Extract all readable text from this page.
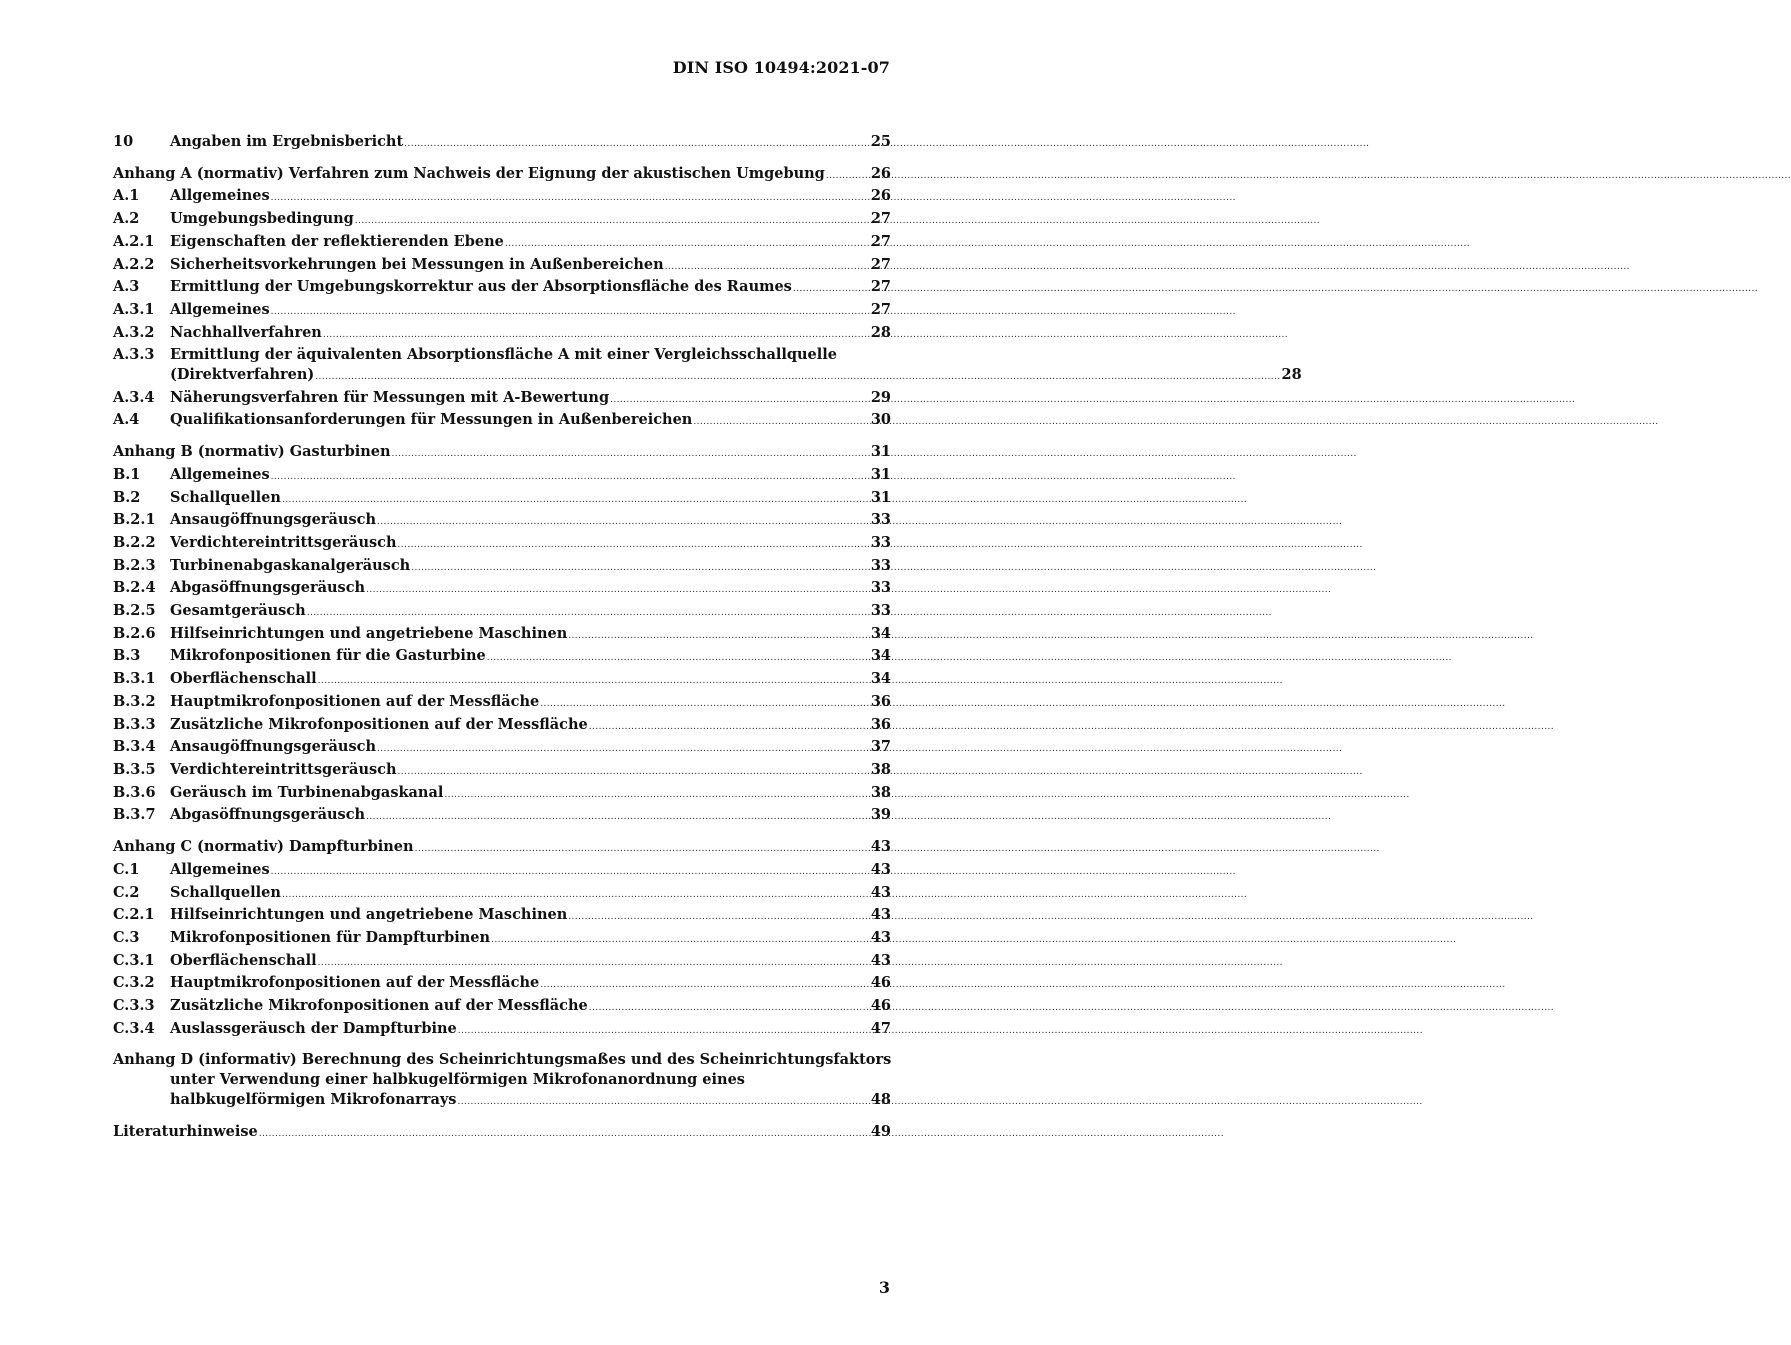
DIN ISO 10494:2021-07
10	Angaben im Ergebnisbericht .....	25
Anhang A (normativ) Verfahren zum Nachweis der Eignung der akustischen Umgebung .....	26
A.1	Allgemeines .....	26
A.2	Umgebungsbedingung .....	27
A.2.1	Eigenschaften der reflektierenden Ebene .....	27
A.2.2	Sicherheitsvorkehrungen bei Messungen in Außenbereichen .....	27
A.3	Ermittlung der Umgebungskorrektur aus der Absorptionsfläche des Raumes .....	27
A.3.1	Allgemeines .....	27
A.3.2	Nachhallverfahren .....	28
A.3.3	Ermittlung der äquivalenten Absorptionsfläche A mit einer Vergleichsschallquelle
(Direktverfahren) .....	28
A.3.4	Näherungsverfahren für Messungen mit A-Bewertung .....	29
A.4	Qualifikationsanforderungen für Messungen in Außenbereichen .....	30
Anhang B (normativ) Gasturbinen .....	31
B.1	Allgemeines .....	31
B.2	Schallquellen .....	31
B.2.1 Ansaugöffnungsgeräusch .....	33
B.2.2 Verdichtereintrittsgeräusch .....	33
B.2.3 Turbinenabgaskanalgeräusch .....	33
B.2.4 Abgasöffnungsgeräusch .....	33
B.2.5 Gesamtgeräusch .....	33
B.2.6 Hilfseinrichtungen und angetriebene Maschinen .....	34
B.3	Mikrofonpositionen für die Gasturbine .....	34
B.3.1 Oberflächenschall .....	34
B.3.2 Hauptmikrofonpositionen auf der Messfläche .....	36
B.3.3 Zusätzliche Mikrofonpositionen auf der Messfläche .....	36
B.3.4 Ansaugöffnungsgeräusch .....	37
B.3.5 Verdichtereintrittsgeräusch .....	38
B.3.6 Geräusch im Turbinenabgaskanal .....	38
B.3.7 Abgasöffnungsgeräusch .....	39
Anhang C (normativ) Dampfturbinen .....	43
C.1	Allgemeines .....	43
C.2	Schallquellen .....	43
C.2.1	Hilfseinrichtungen und angetriebene Maschinen .....	43
C.3	Mikrofonpositionen für Dampfturbinen .....	43
C.3.1	Oberflächenschall .....	43
C.3.2	Hauptmikrofonpositionen auf der Messfläche .....	46
C.3.3	Zusätzliche Mikrofonpositionen auf der Messfläche .....	46
C.3.4	Auslassgeräusch der Dampfturbine .....	47
Anhang D (informativ) Berechnung des Scheinrichtungsmaßes und des Scheinrichtungsfaktors
unter Verwendung einer halbkugelförmigen Mikrofonanordnung eines
halbkugelförmigen Mikrofonarrays .....	48
Literaturhinweise .....	49
3
